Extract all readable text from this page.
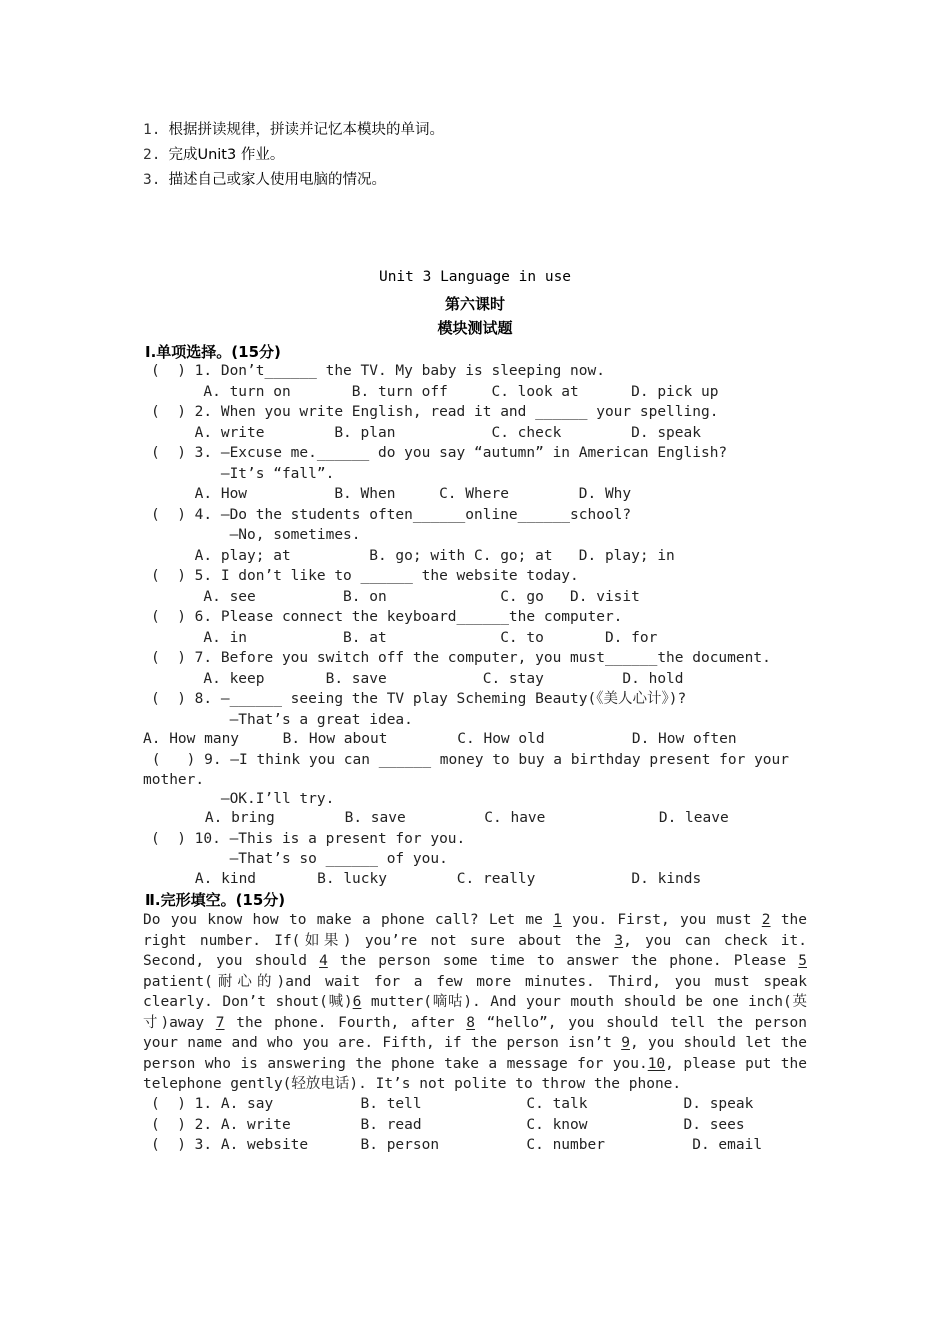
1. 根据拼读规律，拼读并记忆本模块的单词。
2. 完成Unit3 作业。
3. 描述自己或家人使用电脑的情况。
Unit 3 Language in use
第六课时
模块测试题
Ⅰ.单项选择。(15分)
(  ) 1. Don’t______ the TV. My baby is sleeping now.
A. turn on       B. turn off     C. look at      D. pick up
(  ) 2. When you write English, read it and ______ your spelling.
A. write        B. plan           C. check        D. speak
(  ) 3. —Excuse me.______ do you say “autumn” in American English?
—It’s “fall”.
A. How          B. When     C. Where        D. Why
(  ) 4. —Do the students often______online______school?
—No, sometimes.
A. play; at         B. go; with C. go; at   D. play; in
(  ) 5. I don’t like to ______ the website today.
A. see          B. on             C. go   D. visit
(  ) 6. Please connect the keyboard______the computer.
A. in           B. at             C. to       D. for
(  ) 7. Before you switch off the computer, you must______the document.
A. keep       B. save           C. stay         D. hold
(  ) 8. —______ seeing the TV play Scheming Beauty(《美人心计》)?
—That’s a great idea.
A. How many     B. How about        C. How old          D. How often
(   ) 9. —I think you can ______ money to buy a birthday present for your
mother.
—OK.I’ll try.
A. bring        B. save         C. have             D. leave
(  ) 10. —This is a present for you.
—That’s so ______ of you.
A. kind       B. lucky        C. really           D. kinds
Ⅱ.完形填空。(15分)
Do you know how to make a phone call? Let me 1 you. First, you must 2 the right number. If(如果) you’re not sure about the 3, you can check it. Second, you should 4 the person some time to answer the phone. Please 5 patient(耐心的)and wait for a few more minutes. Third, you must speak clearly. Don’t shout(喊)6 mutter(嘀咕). And your mouth should be one inch(英寸)away 7 the phone. Fourth, after 8 “hello”, you should tell the person your name and who you are. Fifth, if the person isn’t 9, you should let the person who is answering the phone take a message for you.10, please put the telephone gently(轻放电话). It’s not polite to throw the phone.
(  ) 1. A. say          B. tell            C. talk           D. speak
(  ) 2. A. write        B. read            C. know           D. sees
(  ) 3. A. website      B. person          C. number          D. email
